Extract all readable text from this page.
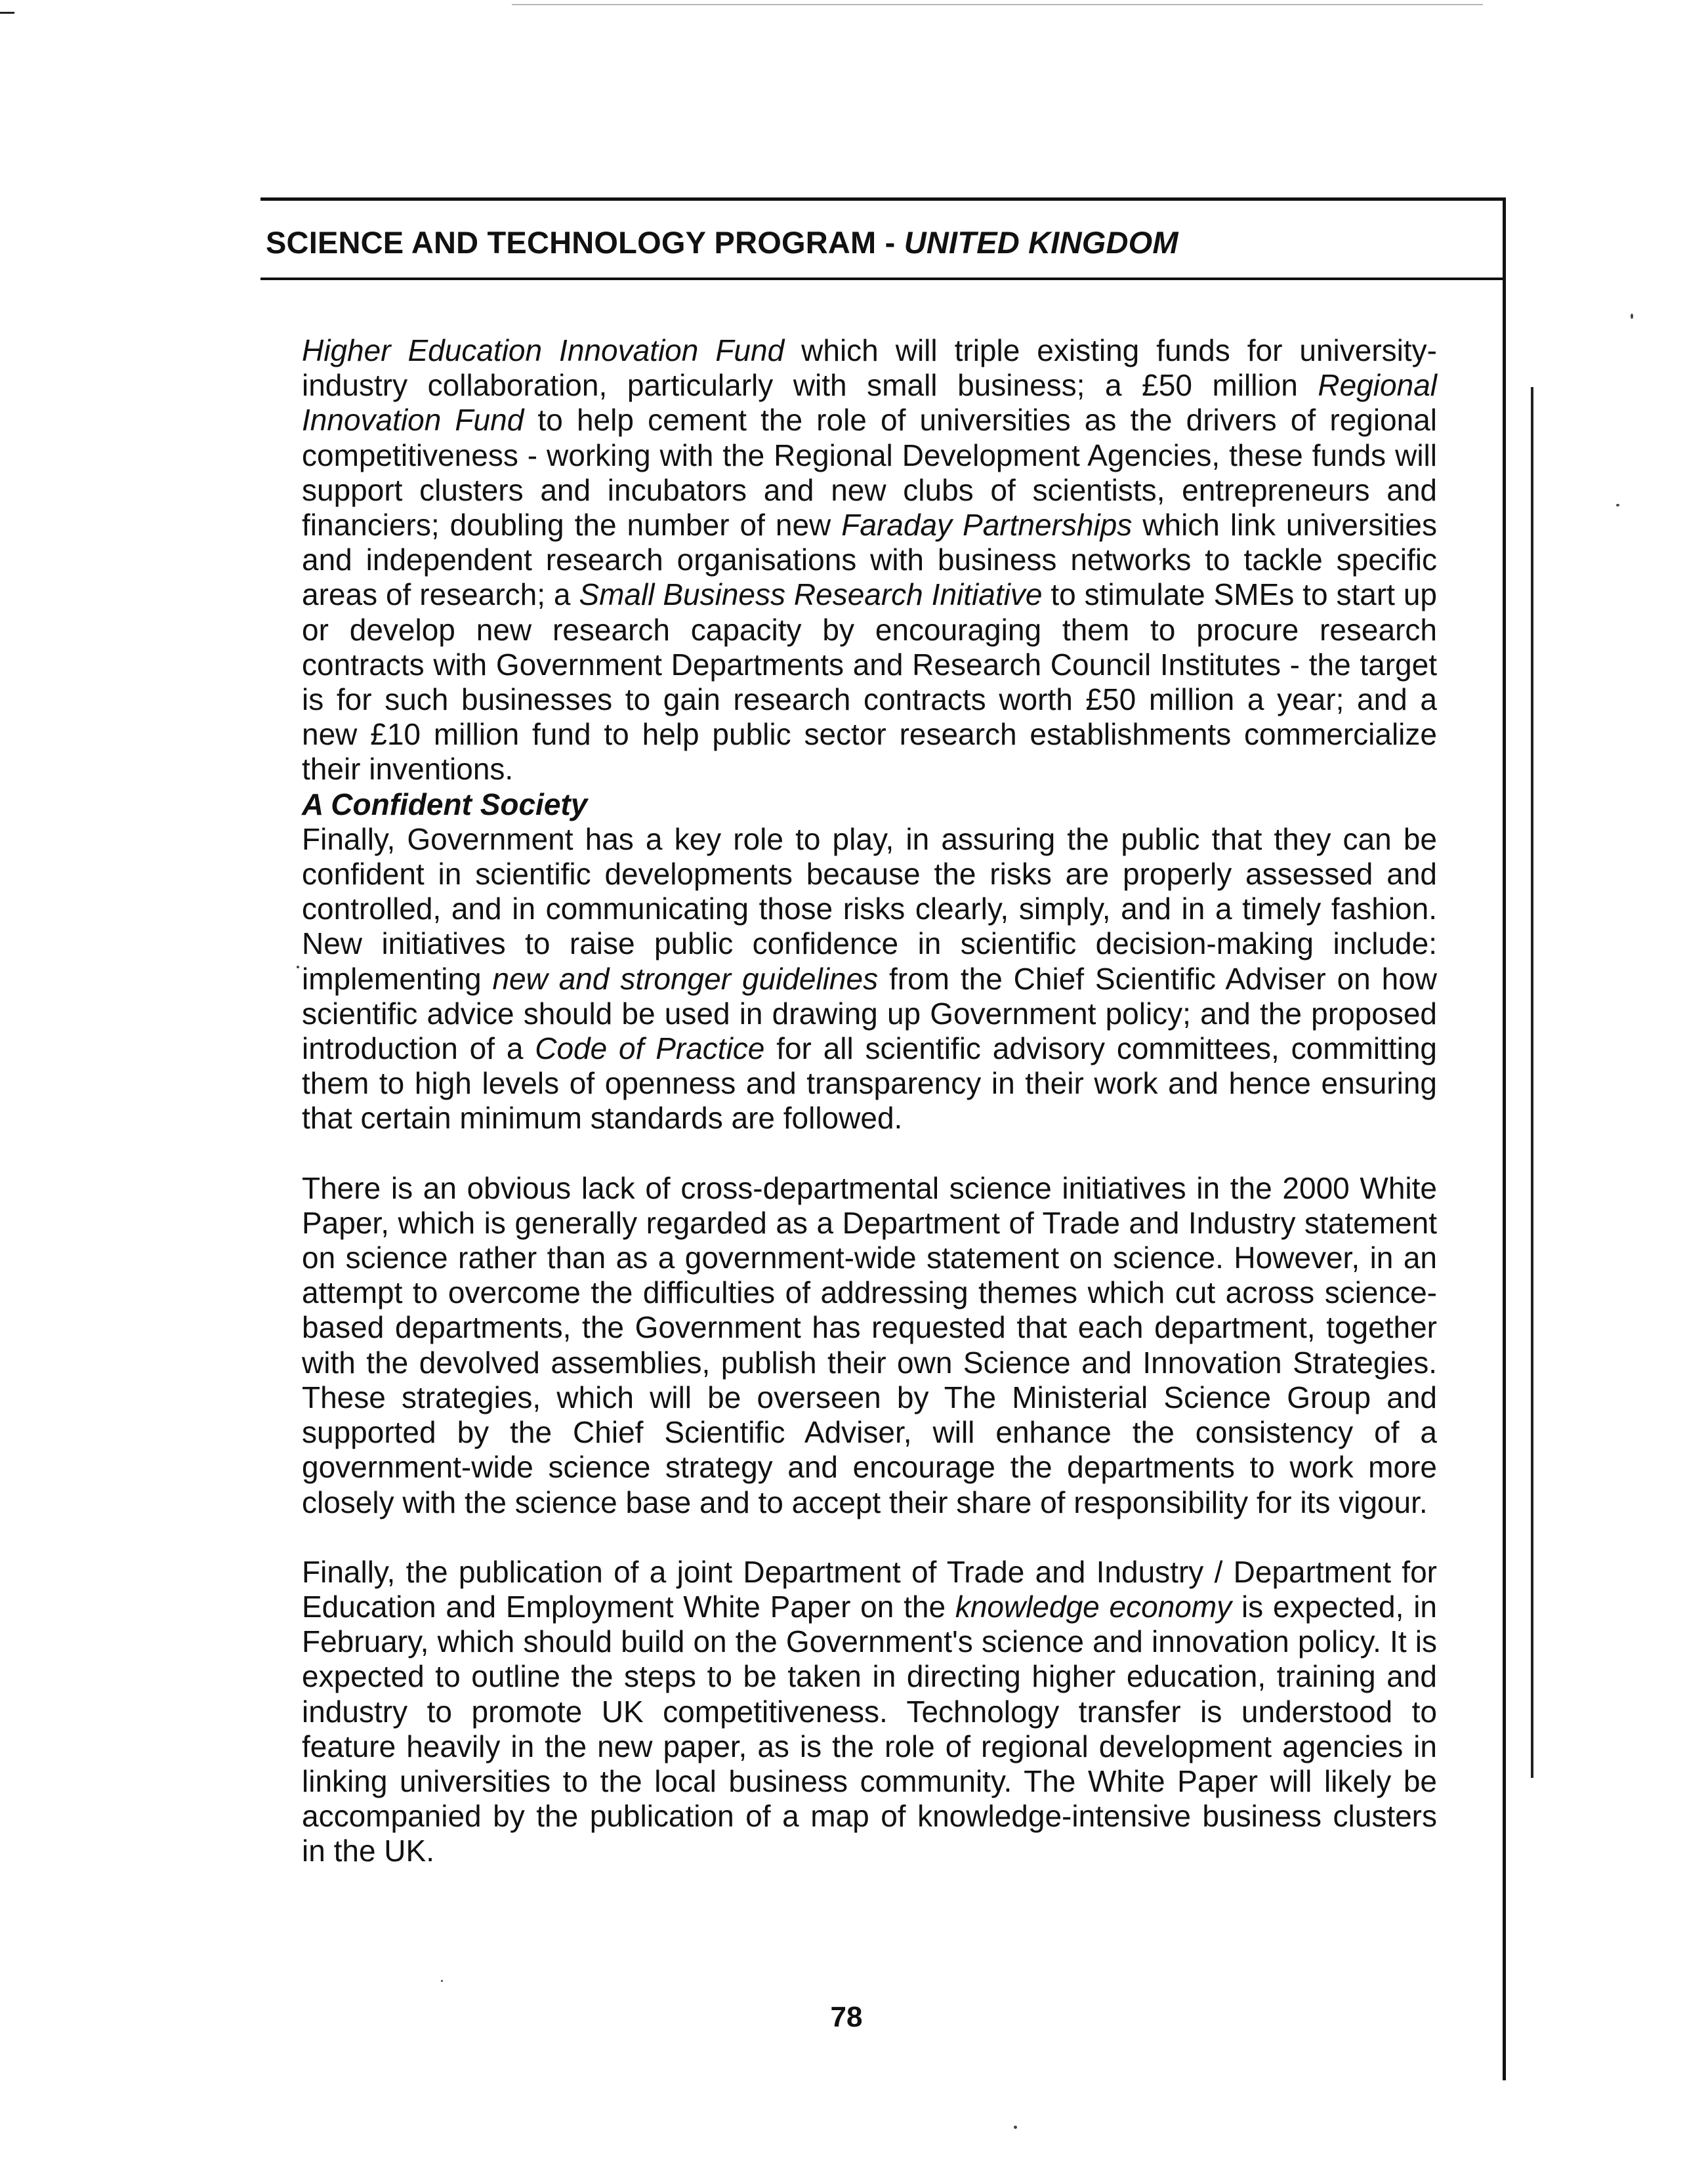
SCIENCE AND TECHNOLOGY PROGRAM - UNITED KINGDOM

Higher Education Innovation Fund which will triple existing funds for university-industry collaboration, particularly with small business; a £50 million Regional Innovation Fund to help cement the role of universities as the drivers of regional competitiveness - working with the Regional Development Agencies, these funds will support clusters and incubators and new clubs of scientists, entrepreneurs and financiers; doubling the number of new Faraday Partnerships which link universities and independent research organisations with business networks to tackle specific areas of research; a Small Business Research Initiative to stimulate SMEs to start up or develop new research capacity by encouraging them to procure research contracts with Government Departments and Research Council Institutes - the target is for such businesses to gain research contracts worth £50 million a year; and a new £10 million fund to help public sector research establishments commercialize their inventions.

A Confident Society

Finally, Government has a key role to play, in assuring the public that they can be confident in scientific developments because the risks are properly assessed and controlled, and in communicating those risks clearly, simply, and in a timely fashion. New initiatives to raise public confidence in scientific decision-making include: implementing new and stronger guidelines from the Chief Scientific Adviser on how scientific advice should be used in drawing up Government policy; and the proposed introduction of a Code of Practice for all scientific advisory committees, committing them to high levels of openness and transparency in their work and hence ensuring that certain minimum standards are followed.

There is an obvious lack of cross-departmental science initiatives in the 2000 White Paper, which is generally regarded as a Department of Trade and Industry statement on science rather than as a government-wide statement on science. However, in an attempt to overcome the difficulties of addressing themes which cut across science-based departments, the Government has requested that each department, together with the devolved assemblies, publish their own Science and Innovation Strategies. These strategies, which will be overseen by The Ministerial Science Group and supported by the Chief Scientific Adviser, will enhance the consistency of a government-wide science strategy and encourage the departments to work more closely with the science base and to accept their share of responsibility for its vigour.

Finally, the publication of a joint Department of Trade and Industry / Department for Education and Employment White Paper on the knowledge economy is expected, in February, which should build on the Government's science and innovation policy. It is expected to outline the steps to be taken in directing higher education, training and industry to promote UK competitiveness. Technology transfer is understood to feature heavily in the new paper, as is the role of regional development agencies in linking universities to the local business community. The White Paper will likely be accompanied by the publication of a map of knowledge-intensive business clusters in the UK.

78
